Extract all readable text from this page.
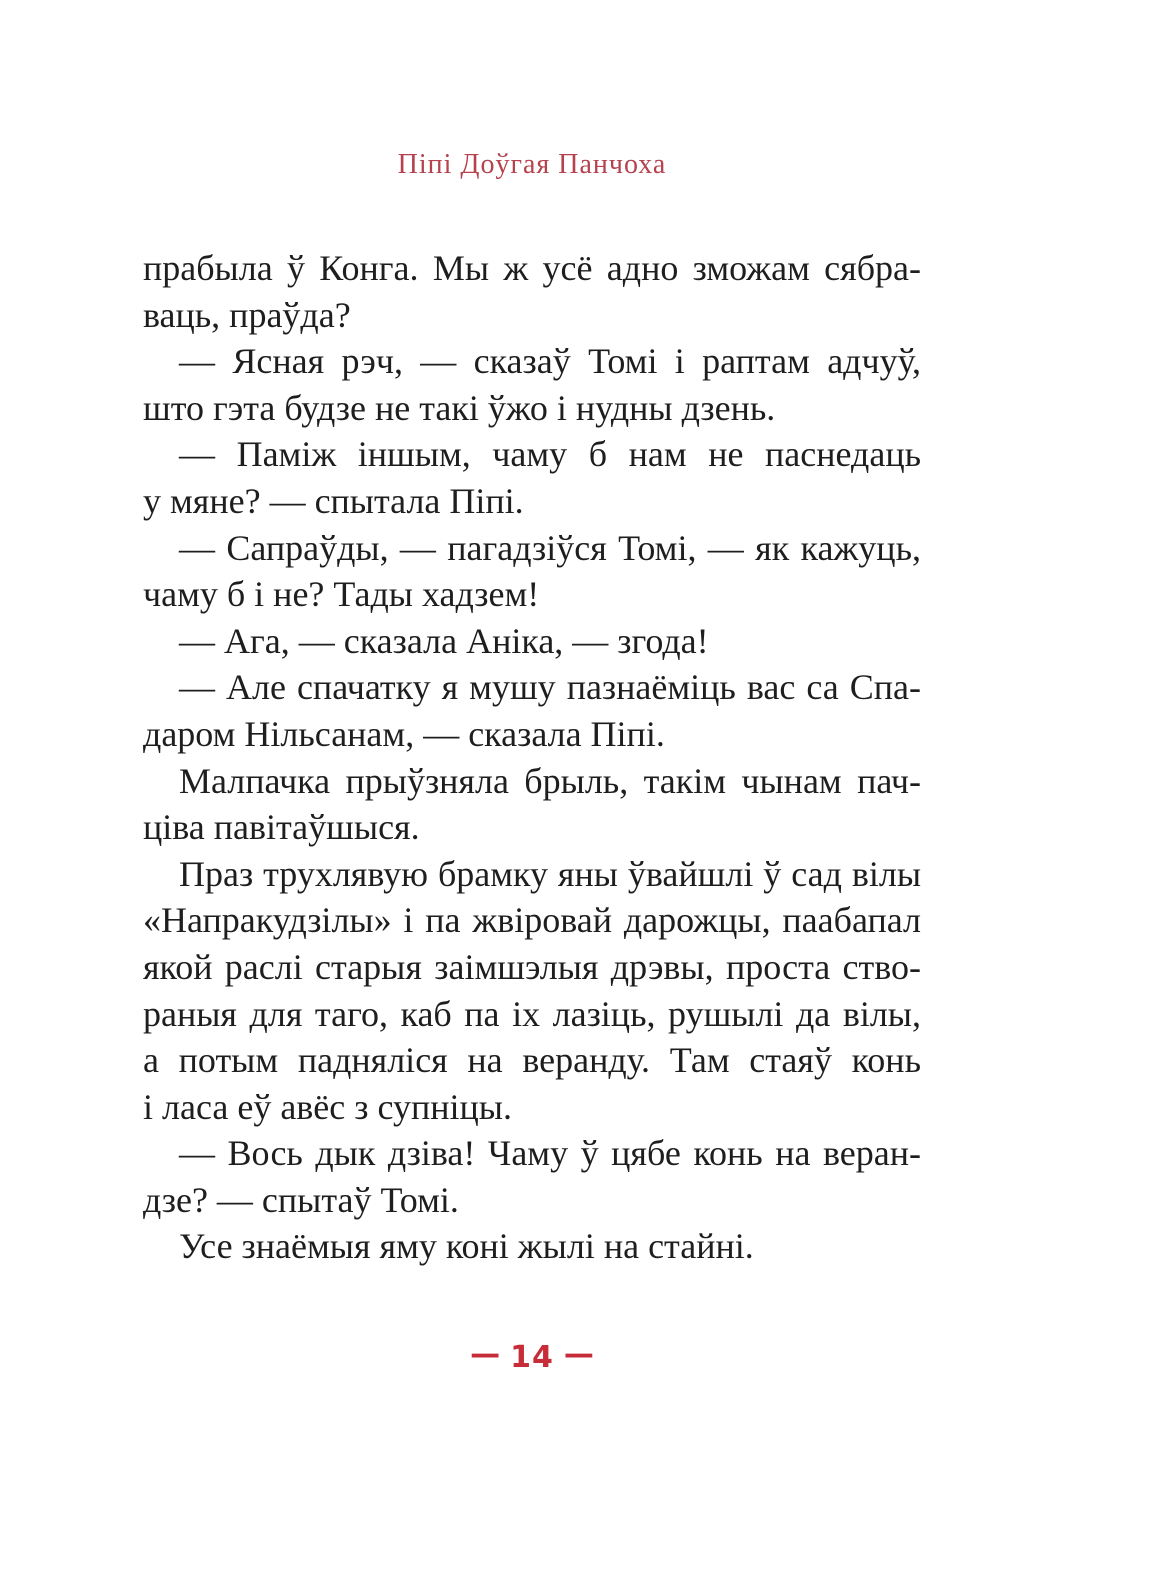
Піпі Доўгая Панчоха
прабыла ў Конга. Мы ж усё адно зможам сябра-
ваць, праўда?
— Ясная рэч, — сказаў Томі і раптам адчуў,
што гэта будзе не такі ўжо і нудны дзень.
— Паміж іншым, чаму б нам не паснедаць
у мяне? — спытала Піпі.
— Сапраўды, — пагадзіўся Томі, — як кажуць,
чаму б і не? Тады хадзем!
— Ага, — сказала Аніка, — згода!
— Але спачатку я мушу пазнаёміць вас са Спа-
даром Нільсанам, — сказала Піпі.
Малпачка прыўзняла брыль, такім чынам пач-
ціва павітаўшыся.
Праз трухлявую брамку яны ўвайшлі ў сад вілы
«Напракудзілы» і па жвіровай дарожцы, паабапал
якой раслі старыя заімшэлыя дрэвы, проста ство-
раныя для таго, каб па іх лазіць, рушылі да вілы,
а потым падняліся на веранду. Там стаяў конь
і ласа еў авёс з супніцы.
— Вось дык дзіва! Чаму ў цябе конь на веран-
дзе? — спытаў Томі.
Усе знаёмыя яму коні жылі на стайні.
— 14 —
